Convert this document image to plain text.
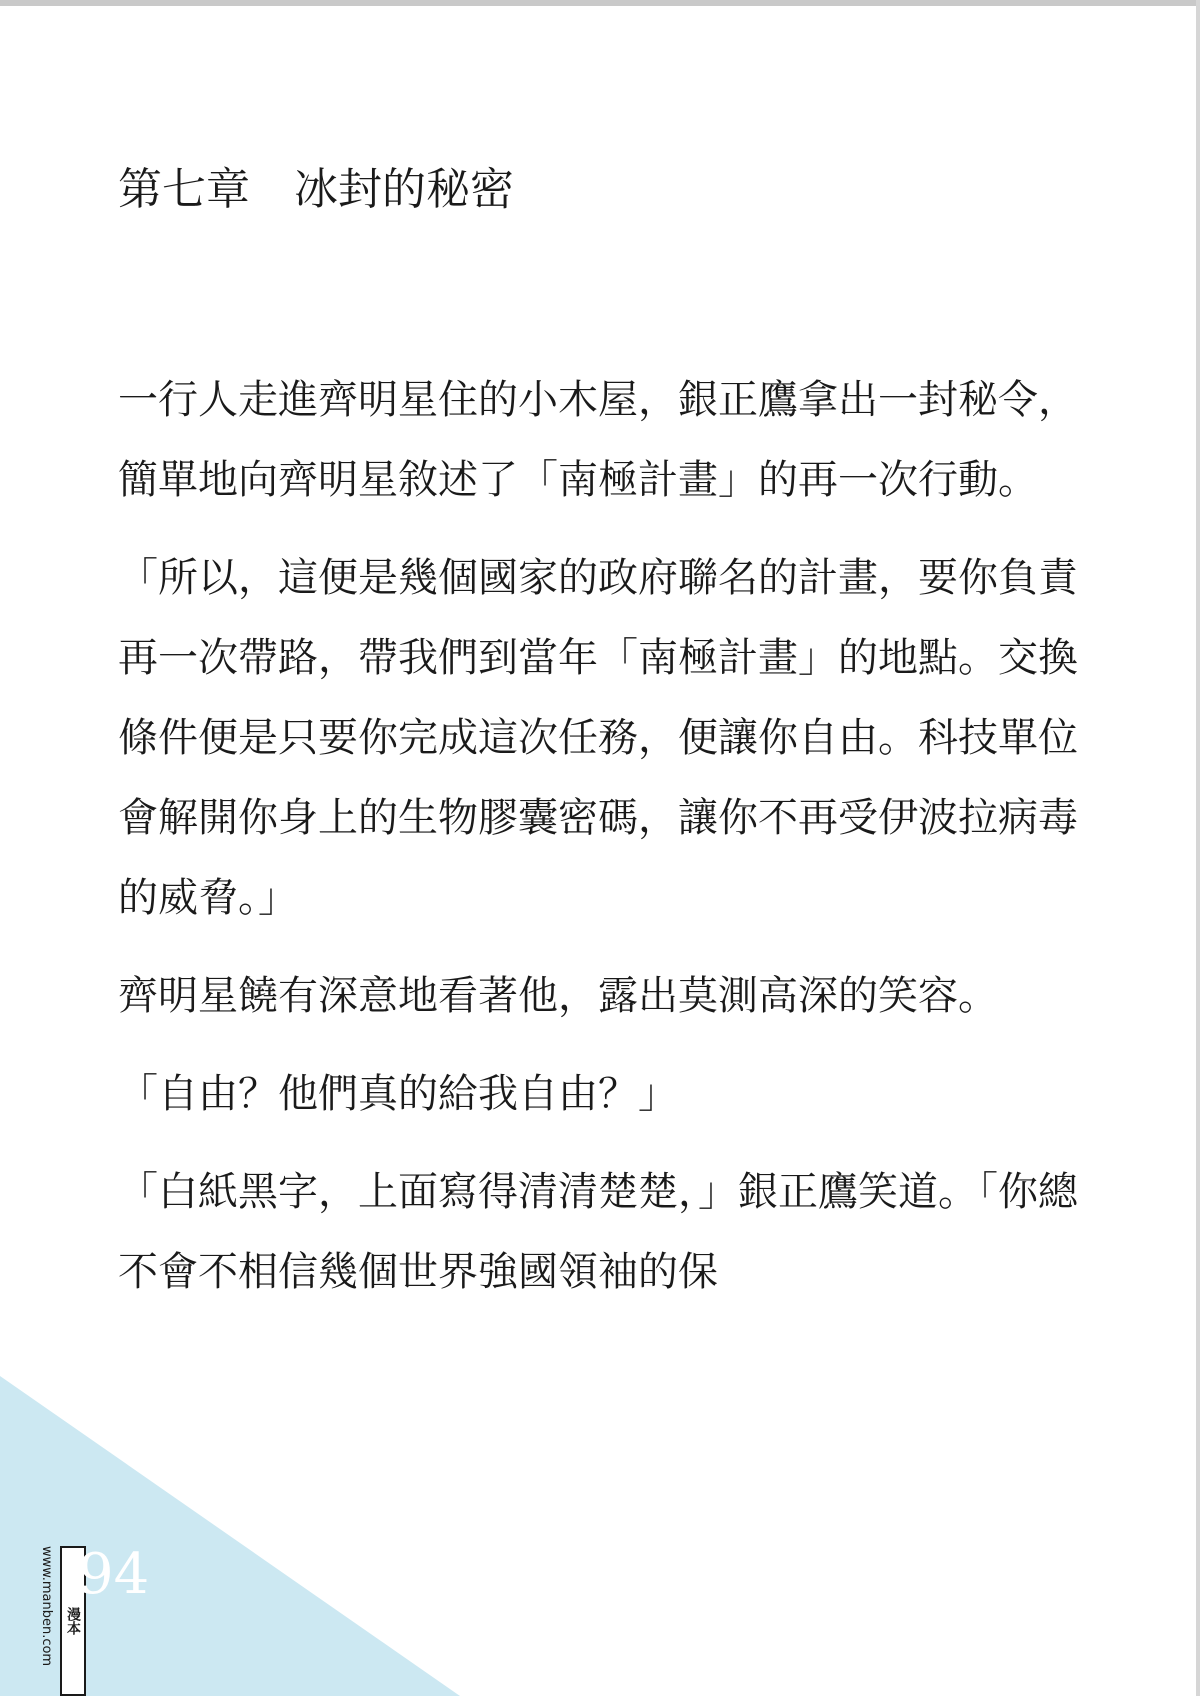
第七章　冰封的秘密

一行人走進齊明星住的小木屋，銀正鷹拿出一封秘令，簡單地向齊明星敘述了「南極計畫」的再一次行動。

「所以，這便是幾個國家的政府聯名的計畫，要你負責再一次帶路，帶我們到當年「南極計畫」的地點。交換條件便是只要你完成這次任務，便讓你自由。科技單位會解開你身上的生物膠囊密碼，讓你不再受伊波拉病毒的威脅。」

齊明星饒有深意地看著他，露出莫測高深的笑容。

「自由？他們真的給我自由？」

「白紙黑字，上面寫得清清楚楚，」銀正鷹笑道。「你總不會不相信幾個世界強國領袖的保

www.manben.com 漫本
94
